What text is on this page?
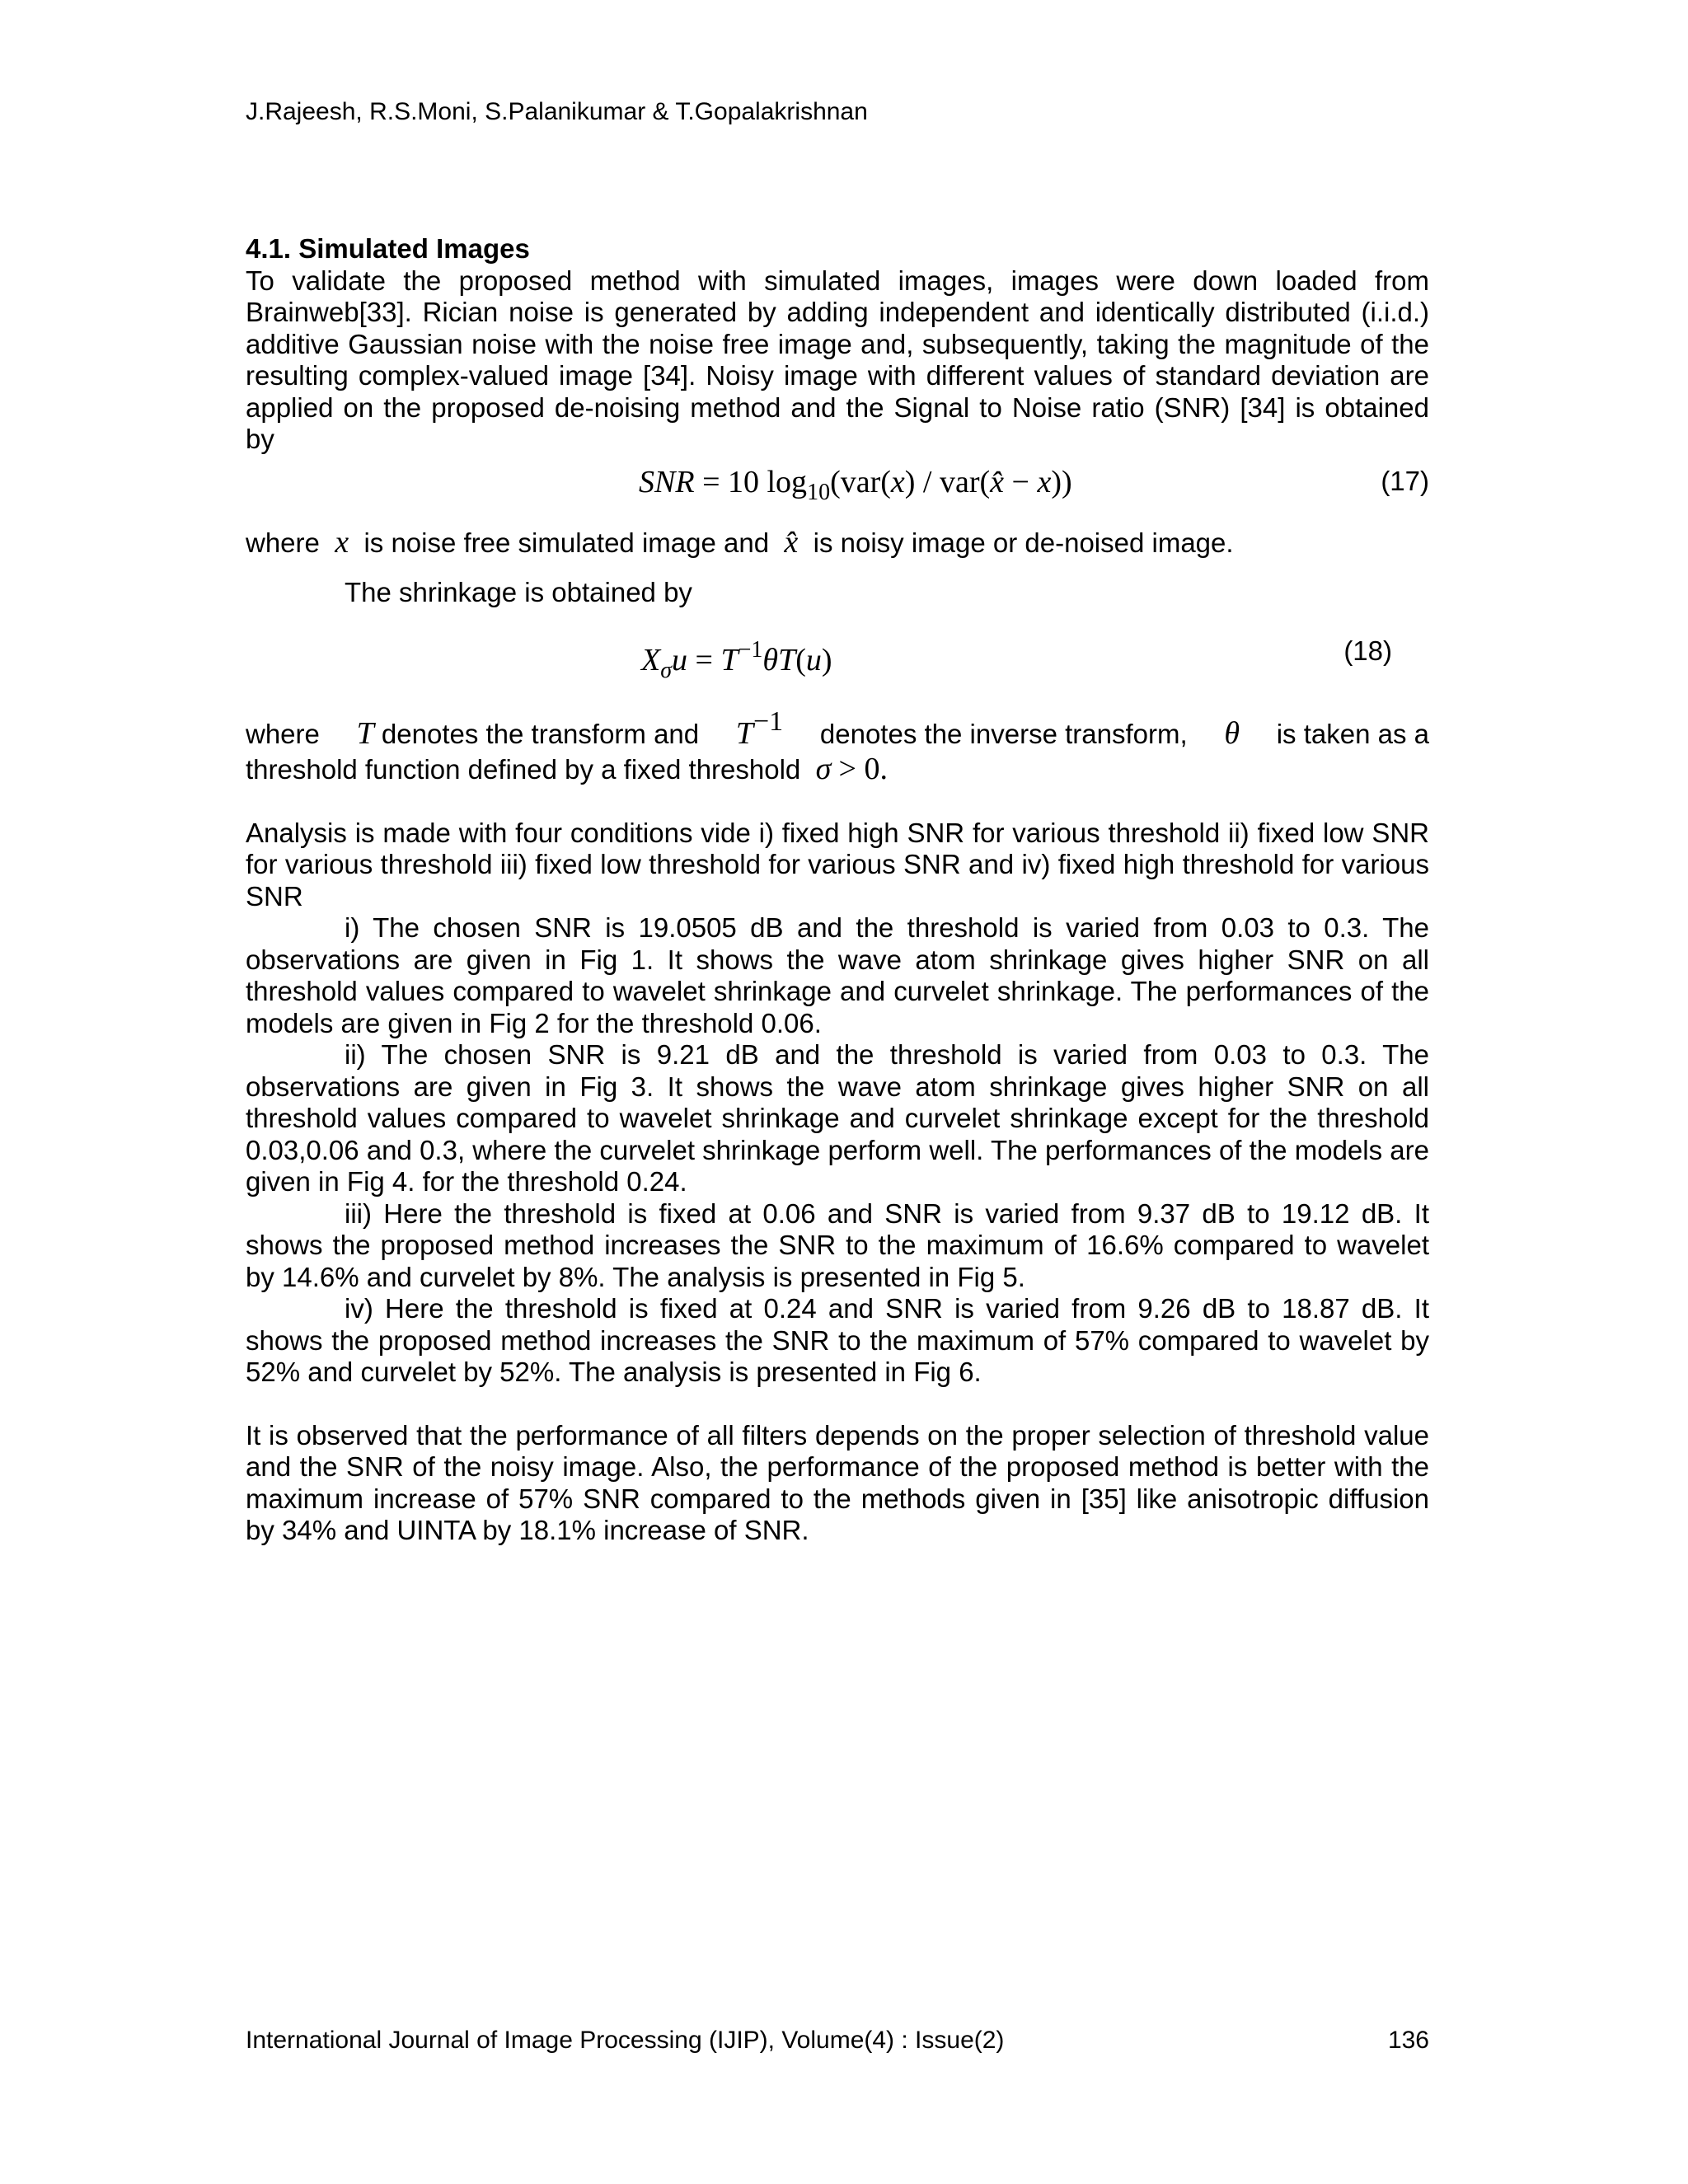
J.Rajeesh, R.S.Moni, S.Palanikumar & T.Gopalakrishnan
4.1. Simulated Images

To validate the proposed method with simulated images, images were down loaded from Brainweb[33]. Rician noise is generated by adding independent and identically distributed (i.i.d.) additive Gaussian noise with the noise free image and, subsequently, taking the magnitude of the resulting complex-valued image [34]. Noisy image with different values of standard deviation are applied on the proposed de-noising method and the Signal to Noise ratio (SNR) [34] is obtained by

SNR = 10 $\log_{10}(var(x)$ / var(x̂ − x))	(17)

where x is noise free simulated image and x̂ is noisy image or de-noised image.

The shrinkage is obtained by

$X_\sigma u = T^{-1}\theta T(u)$	(18)
where T denotes the transform and T−1 denotes the inverse transform, θ is taken as a

threshold function defined by a fixed threshold σ > 0.

Analysis is made with four conditions vide i) fixed high SNR for various threshold ii) fixed low SNR for various threshold iii) fixed low threshold for various SNR and iv) fixed high threshold for various SNR

i) The chosen SNR is 19.0505 dB and the threshold is varied from 0.03 to 0.3. The observations are given in Fig 1. It shows the wave atom shrinkage gives higher SNR on all threshold values compared to wavelet shrinkage and curvelet shrinkage. The performances of the models are given in Fig 2 for the threshold 0.06.

ii) The chosen SNR is 9.21 dB and the threshold is varied from 0.03 to 0.3. The observations are given in Fig 3. It shows the wave atom shrinkage gives higher SNR on all threshold values compared to wavelet shrinkage and curvelet shrinkage except for the threshold 0.03,0.06 and 0.3, where the curvelet shrinkage perform well. The performances of the models are given in Fig 4. for the threshold 0.24.

iii) Here the threshold is fixed at 0.06 and SNR is varied from 9.37 dB to 19.12 dB. It shows the proposed method increases the SNR to the maximum of 16.6% compared to wavelet by 14.6% and curvelet by 8%. The analysis is presented in Fig 5.

iv) Here the threshold is fixed at 0.24 and SNR is varied from 9.26 dB to 18.87 dB. It shows the proposed method increases the SNR to the maximum of 57% compared to wavelet by 52% and curvelet by 52%. The analysis is presented in Fig 6.

It is observed that the performance of all filters depends on the proper selection of threshold value and the SNR of the noisy image. Also, the performance of the proposed method is better with the maximum increase of 57% SNR compared to the methods given in [35] like anisotropic diffusion by 34% and UINTA by 18.1% increase of SNR.

International Journal of Image Processing (IJIP), Volume(4) : Issue(2)	136
